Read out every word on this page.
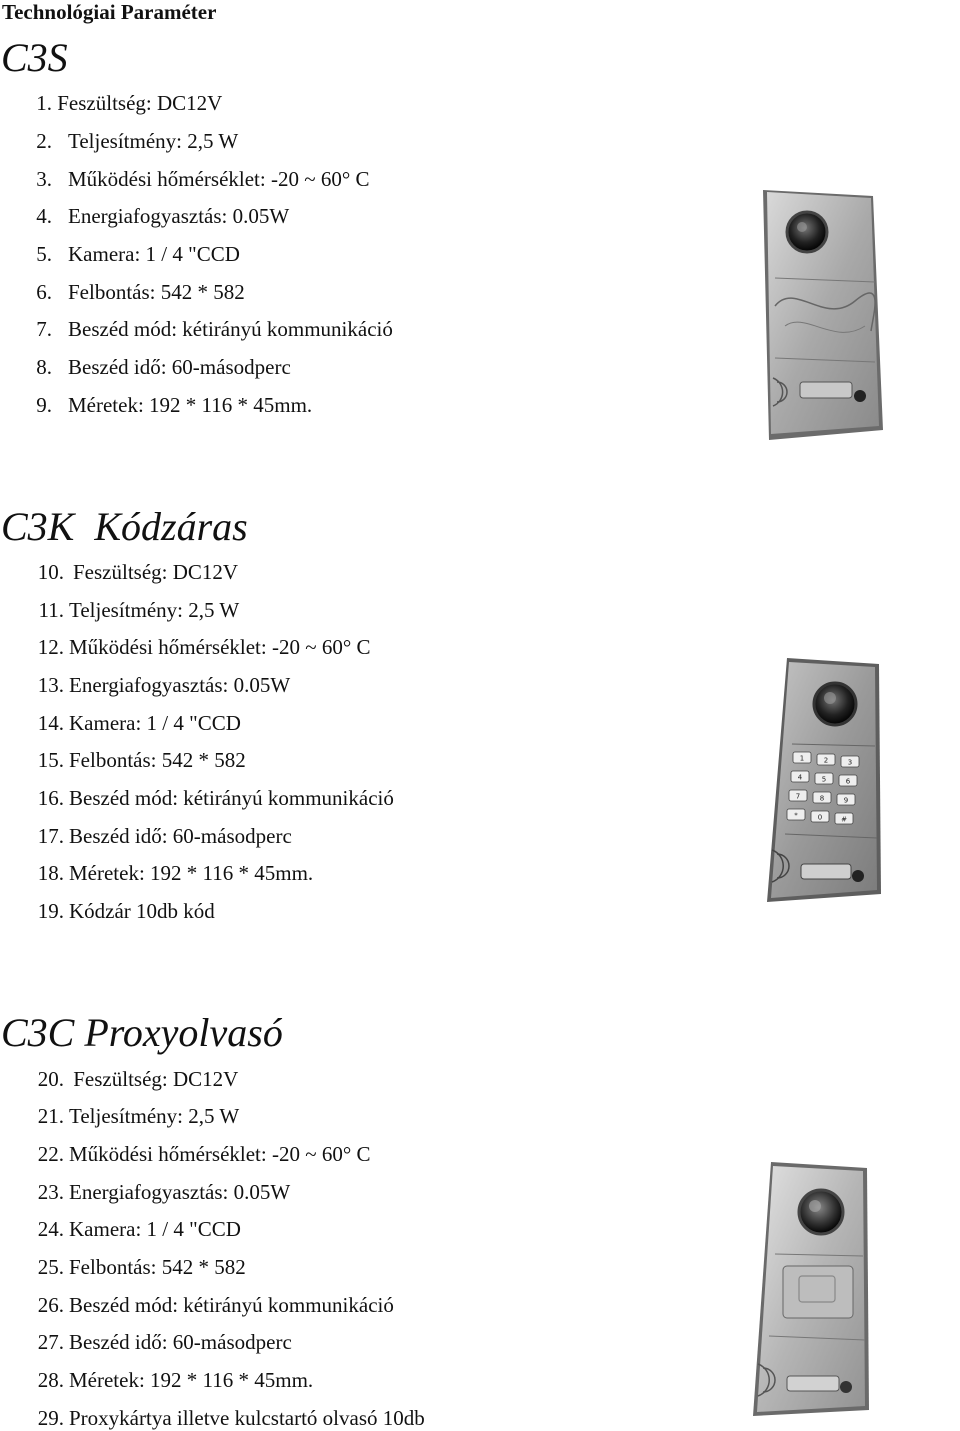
Technológiai Paraméter
C3S
1. Feszültség: DC12V
2. Teljesítmény: 2,5 W
3. Működési hőmérséklet: -20 ~ 60° C
4. Energiafogyasztás: 0.05W
5. Kamera: 1 / 4 "CCD
6. Felbontás: 542 * 582
7. Beszéd mód: kétirányú kommunikáció
8. Beszéd idő: 60-másodperc
9. Méretek: 192 * 116 * 45mm.
C3K  Kódzáras
10. Feszültség: DC12V
11. Teljesítmény: 2,5 W
12. Működési hőmérséklet: -20 ~ 60° C
13. Energiafogyasztás: 0.05W
14. Kamera: 1 / 4 "CCD
15. Felbontás: 542 * 582
16. Beszéd mód: kétirányú kommunikáció
17. Beszéd idő: 60-másodperc
18. Méretek: 192 * 116 * 45mm.
19. Kódzár 10db kód
1	2	3
4	5	6
7	8	9
*	0	#
C3C Proxyolvasó
20. Feszültség: DC12V
21. Teljesítmény: 2,5 W
22. Működési hőmérséklet: -20 ~ 60° C
23. Energiafogyasztás: 0.05W
24. Kamera: 1 / 4 "CCD
25. Felbontás: 542 * 582
26. Beszéd mód: kétirányú kommunikáció
27. Beszéd idő: 60-másodperc
28. Méretek: 192 * 116 * 45mm.
29. Proxykártya illetve kulcstartó olvasó 10db
